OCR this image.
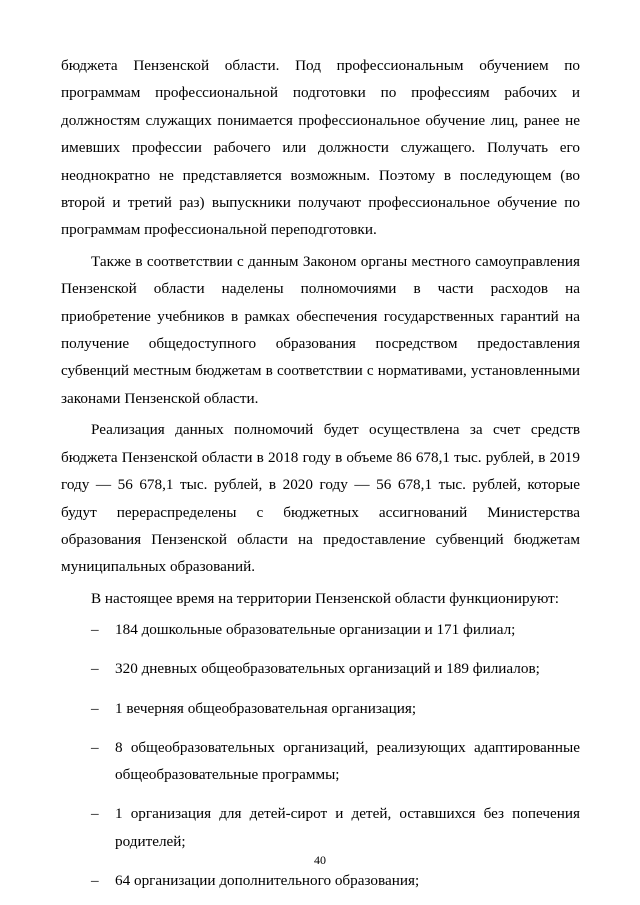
бюджета Пензенской области. Под профессиональным обучением по программам профессиональной подготовки по профессиям рабочих и должностям служащих понимается профессиональное обучение лиц, ранее не имевших профессии рабочего или должности служащего. Получать его неоднократно не представляется возможным. Поэтому в последующем (во второй и третий раз) выпускники получают профессиональное обучение по программам профессиональной переподготовки.

Также в соответствии с данным Законом органы местного самоуправления Пензенской области наделены полномочиями в части расходов на приобретение учебников в рамках обеспечения государственных гарантий на получение общедоступного образования посредством предоставления субвенций местным бюджетам в соответствии с нормативами, установленными законами Пензенской области.

Реализация данных полномочий будет осуществлена за счет средств бюджета Пензенской области в 2018 году в объеме 86 678,1 тыс. рублей, в 2019 году — 56 678,1 тыс. рублей, в 2020 году — 56 678,1 тыс. рублей, которые будут перераспределены с бюджетных ассигнований Министерства образования Пензенской области на предоставление субвенций бюджетам муниципальных образований.

В настоящее время на территории Пензенской области функционируют:

– 184 дошкольные образовательные организации и 171 филиал;
– 320 дневных общеобразовательных организаций и 189 филиалов;
– 1 вечерняя общеобразовательная организация;
– 8 общеобразовательных организаций, реализующих адаптированные общеобразовательные программы;
– 1 организация для детей-сирот и детей, оставшихся без попечения родителей;
– 64 организации дополнительного образования;
40
